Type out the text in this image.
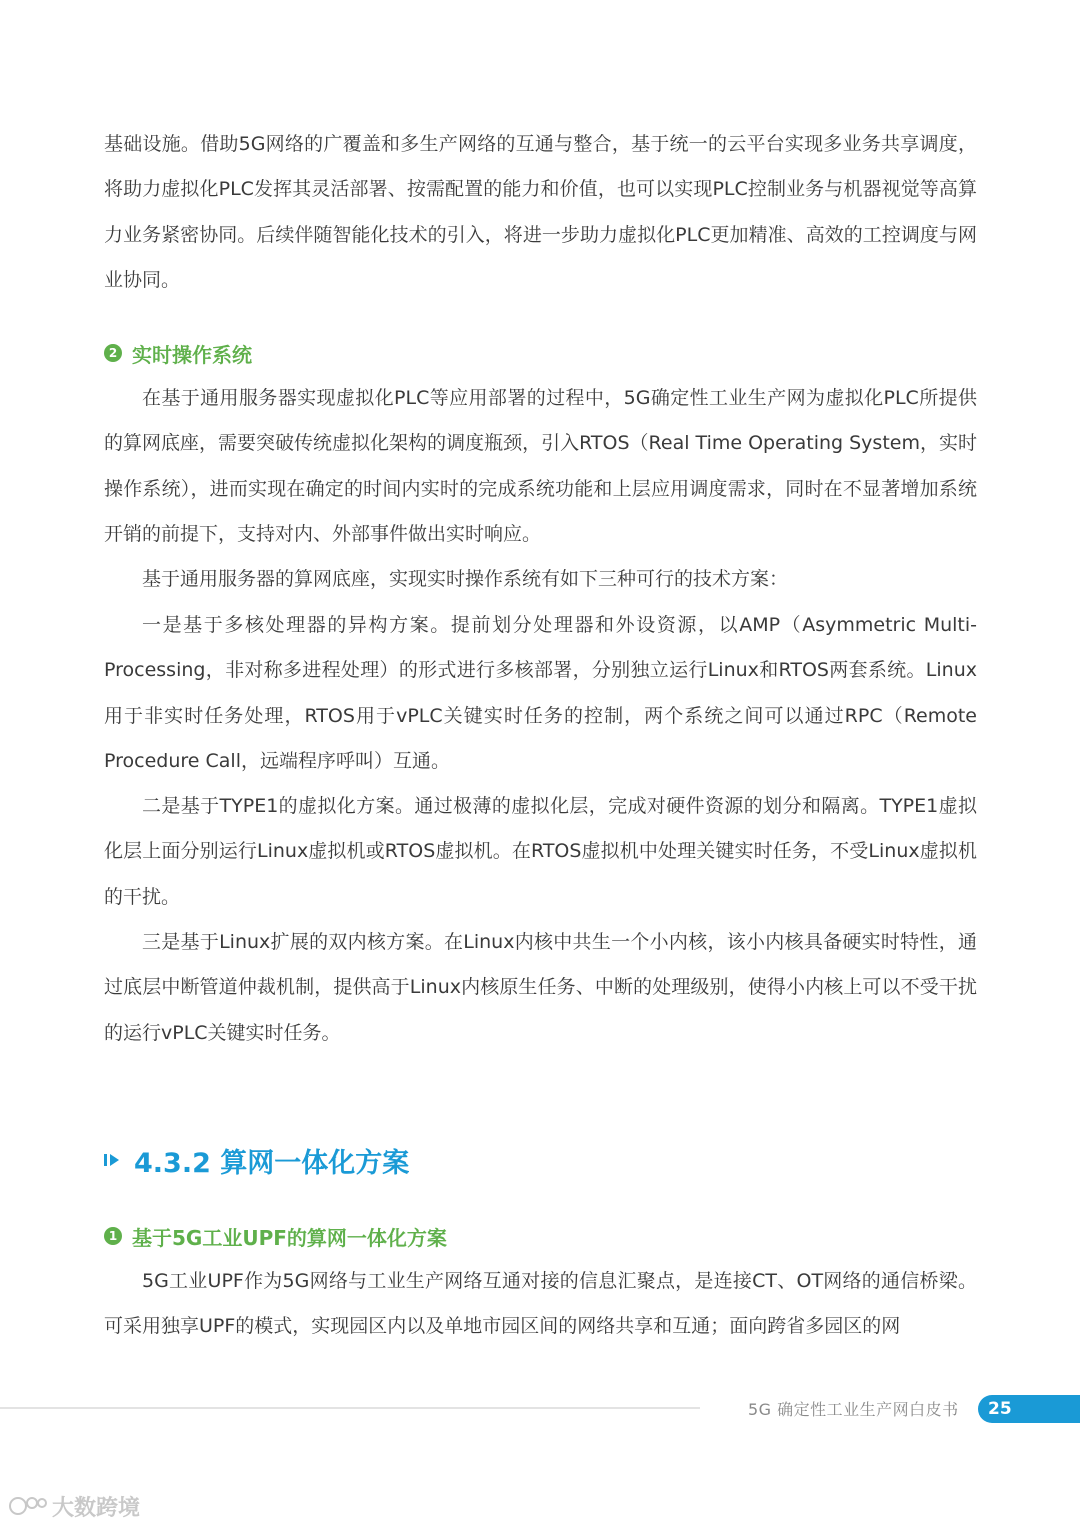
基础设施。借助5G网络的广覆盖和多生产网络的互通与整合，基于统一的云平台实现多业务共享调度，将助力虚拟化PLC发挥其灵活部署、按需配置的能力和价值，也可以实现PLC控制业务与机器视觉等高算力业务紧密协同。后续伴随智能化技术的引入，将进一步助力虚拟化PLC更加精准、高效的工控调度与网业协同。

2 实时操作系统

在基于通用服务器实现虚拟化PLC等应用部署的过程中，5G确定性工业生产网为虚拟化PLC所提供的算网底座，需要突破传统虚拟化架构的调度瓶颈，引入RTOS（Real Time Operating System，实时操作系统），进而实现在确定的时间内实时的完成系统功能和上层应用调度需求，同时在不显著增加系统开销的前提下，支持对内、外部事件做出实时响应。

基于通用服务器的算网底座，实现实时操作系统有如下三种可行的技术方案：

一是基于多核处理器的异构方案。提前划分处理器和外设资源，以AMP（Asymmetric Multi-Processing，非对称多进程处理）的形式进行多核部署，分别独立运行Linux和RTOS两套系统。Linux用于非实时任务处理，RTOS用于vPLC关键实时任务的控制，两个系统之间可以通过RPC（Remote Procedure Call，远端程序呼叫）互通。

二是基于TYPE1的虚拟化方案。通过极薄的虚拟化层，完成对硬件资源的划分和隔离。TYPE1虚拟化层上面分别运行Linux虚拟机或RTOS虚拟机。在RTOS虚拟机中处理关键实时任务，不受Linux虚拟机的干扰。

三是基于Linux扩展的双内核方案。在Linux内核中共生一个小内核，该小内核具备硬实时特性，通过底层中断管道仲裁机制，提供高于Linux内核原生任务、中断的处理级别，使得小内核上可以不受干扰的运行vPLC关键实时任务。

4.3.2 算网一体化方案
1 基于5G工业UPF的算网一体化方案

5G工业UPF作为5G网络与工业生产网络互通对接的信息汇聚点，是连接CT、OT网络的通信桥梁。可采用独享UPF的模式，实现园区内以及单地市园区间的网络共享和互通；面向跨省多园区的网

5G 确定性工业生产网白皮书 25
大数跨境
